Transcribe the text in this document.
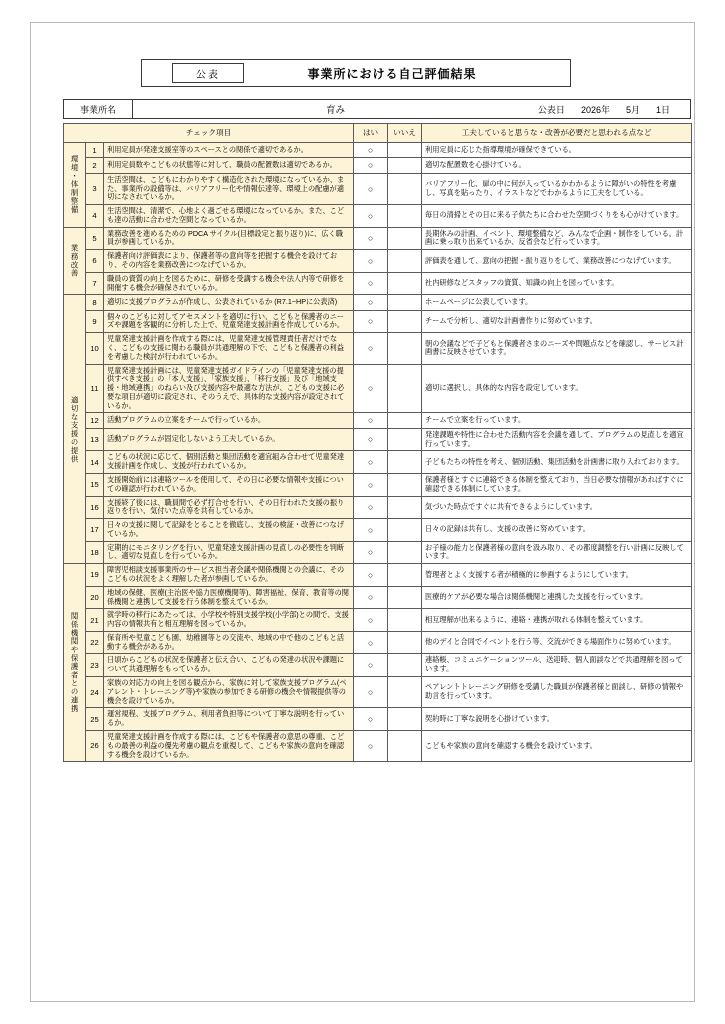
公表	事業所における自己評価結果
事業所名	育み	公表日 2026年 5月 1日
チェック項目			はい	いいえ	工夫していると思うな・改善が必要だと思われる点など
環境・体制整備	1	利用定員が発達支援室等のスペースとの関係で適切であるか。	○		利用定員に応じた指導環境が確保できている。
	2	利用定員数やこどもの状態等に対して、職員の配置数は適切であるか。	○		適切な配置数を心掛けている。
	3	生活空間は、こどもにわかりやすく構造化された環境になっているか、また、事業所の設備等は、バリアフリー化や情報伝達等、環境上の配慮が適切になされているか。	○		バリアフリー化、扉の中に何が入っているかわかるように障がいの特性を考慮し、写真を貼ったり、イラストなどでわかるように工夫をしている。
	4	生活空間は、清潔で、心地よく過ごせる環境になっているか。また、こども達の活動に合わせた空間となっているか。	○		毎日の清掃とその日に来る子供たちに合わせた空間づくりをも心がけています。
業務改善	5	業務改善を進めるための PDCA サイクル(目標設定と振り返り)に、広く職員が参画しているか。	○		長期休みの計画、イベント、環境整備など、みんなで企画・制作をしている。計画に乗っ取り出来ているか、反省会など行っています。
	6	保護者向け評価表により、保護者等の意向等を把握する機会を設けており、その内容を業務改善につなげているか。	○		評価表を通して、意向の把握・振り返りをして、業務改善につなげています。
	7	職員の資質の向上を図るために、研修を受講する機会や法人内等で研修を開催する機会が確保されているか。	○		社内研修などスタッフの資質、知識の向上を図っています。
適切な支援の提供	8	適切に支援プログラムが作成し、公表されているか (R7.1~HPに公表済)	○		ホームページに公表しています。
	9	個々のこどもに対してアセスメントを適切に行い、こどもと保護者のニーズや課題を客観的に分析した上で、児童発達支援計画を作成しているか。	○		チームで分析し、適切な計画書作りに努めています。
	10	児童発達支援計画を作成する際には、児童発達支援管理責任者だけでなく、こどもの支援に関わる職員が共通理解の下で、こどもと保護者の利益を考慮した検討が行われているか。	○		朝の会議などで子どもと保護者さまのニーズや問題点などを確認し、サービス計画書に反映させています。
	11	児童発達支援計画には、児童発達支援ガイドラインの「児童発達支援の提供すべき支援」の「本人支援」、「家族支援」、「移行支援」及び「地域支援・地域連携」のねらい及び支援内容や最適な方法が、こどもの支援に必要な項目が適切に設定され、そのうえで、具体的な支援内容が設定されているか。	○		適切に選択し、具体的な内容を設定しています。
	12	活動プログラムの立案をチームで行っているか。	○		チームで立案を行っています。
	13	活動プログラムが固定化しないよう工夫しているか。	○		発達課題や特性に合わせた活動内容を会議を通して、プログラムの見直しを適宜行っています。
	14	こどもの状況に応じて、個別活動と集団活動を適宜組み合わせて児童発達支援計画を作成し、支援が行われているか。	○		子どもたちの特性を考え、個別活動、集団活動を計画書に取り入れております。
	15	支援開始前には連絡ツールを使用して、その日に必要な情報や支援についての確認が行われているか。	○		保護者様とすぐに連絡できる体制を整えており、当日必要な情報があればすぐに確認できる体制にしています。
	16	支援終了後には、職員間で必ず打合せを行い、その日行われた支援の振り返りを行い、気付いた点等を共有しているか。	○		気づいた時点ですぐに共有できるようにしています。
	17	日々の支援に関して記録をとることを徹底し、支援の検証・改善につなげているか。	○		日々の記録は共有し、支援の改善に努めています。
	18	定期的にモニタリングを行い、児童発達支援計画の見直しの必要性を判断し、適切な見直しを行っているか。	○		お子様の能力と保護者様の意向を汲み取り、その都度調整を行い計画に反映しています。
関係機関や保護者との連携	19	障害児相談支援事業所のサービス担当者会議や関係機関との会議に、そのこどもの状況をよく理解した者が参画しているか。	○		管理者とよく支援する者が積極的に参画するようにしています。
	20	地域の保健、医療(主治医や協力医療機関等)、障害福祉、保育、教育等の関係機関と連携して支援を行う体制を整えているか。	○		医療的ケアが必要な場合は関係機関と連携した支援を行っています。
	21	就学時の移行にあたっては、小学校や特別支援学校(小学部)との間で、支援内容の情報共有と相互理解を図っているか。	○		相互理解が出来るように、連絡・連携が取れる体制を整えています。
	22	保育所や児童こども園、幼稚園等との交流や、地域の中で他のこどもと活動する機会があるか。	○		他のデイと合同でイベントを行う等、交流ができる場面作りに努めています。
	23	日頃からこどもの状況を保護者と伝え合い、こどもの発達の状況や課題について共通理解をもっているか。	○		連絡帳、コミュニケーションツール、送迎時、個人面談などで共通理解を図っています。
	24	家族の対応力の向上を図る観点から、家族に対して家族支援プログラム(ペアレント・トレーニング等)や家族の参加できる研修の機会や情報提供等の機会を設けているか。	○		ペアレントトレーニング研修を受講した職員が保護者様と面談し、研修の情報や助言を行っています。
	25	運営規程、支援プログラム、利用者負担等について丁寧な説明を行っているか。	○		契約時に丁寧な説明を心掛けています。
	26	児童発達支援計画を作成する際には、こどもや保護者の意思の尊重、こどもの最善の利益の優先考慮の観点を重視して、こどもや家族の意向を確認する機会を設けているか。	○		こどもや家族の意向を確認する機会を設けています。
